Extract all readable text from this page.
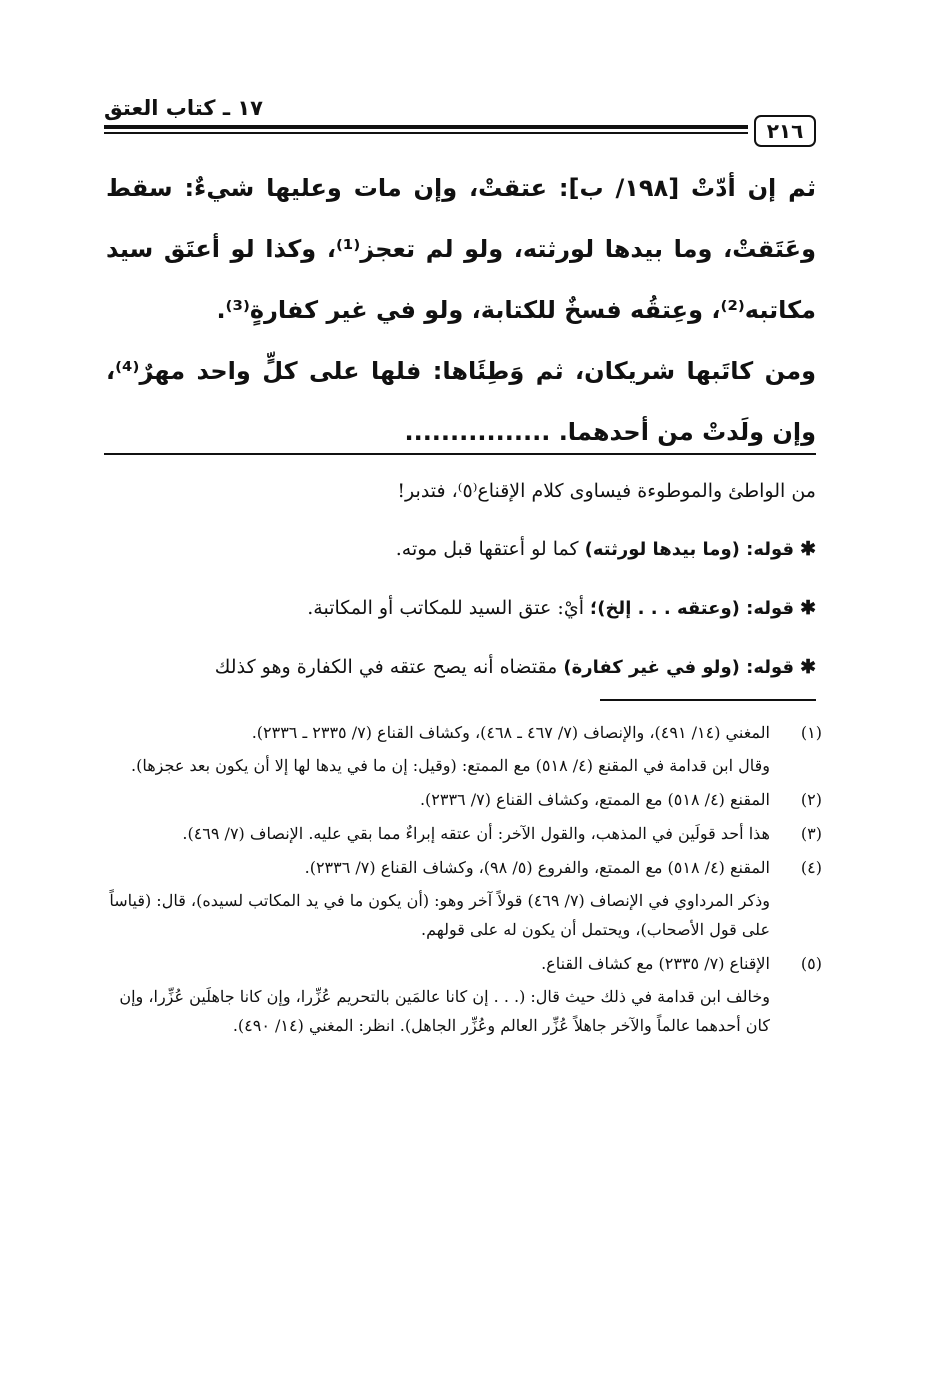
١٧ ـ كتاب العتق
٢١٦

ثم إن أدّتْ [١٩٨/ ب]: عتقتْ، وإن مات وعليها شيءٌ: سقط وعَتَقتْ، وما بيدها لورثته، ولو لم تعجز⁽¹⁾، وكذا لو أعتَق سيد مكاتبه⁽²⁾، وعِتقُه فسخٌ للكتابة، ولو في غير كفارةٍ⁽³⁾.

ومن كاتَبها شريكان، ثم وَطِئَاها: فلها على كلٍّ واحد مهرٌ⁽⁴⁾، وإن ولَدتْ من أحدهما. ................

من الواطئ والموطوءة فيساوى كلام الإقناع⁽٥⁾، فتدبر!

✱قوله: (وما بيدها لورثته) كما لو أعتقها قبل موته.

✱قوله: (وعتقه . . . إلخ)؛ أيْ: عتق السيد للمكاتب أو المكاتبة.

✱قوله: (ولو في غير كفارة) مقتضاه أنه يصح عتقه في الكفارة وهو كذلك

(١)
المغني (١٤/ ٤٩١)، والإنصاف (٧/ ٤٦٧ ـ ٤٦٨)، وكشاف القناع (٧/ ٢٣٣٥ ـ ٢٣٣٦).
وقال ابن قدامة في المقنع (٤/ ٥١٨) مع الممتع: (وقيل: إن ما في يدها لها إلا أن يكون بعد عجزها).
(٢)
المقنع (٤/ ٥١٨) مع الممتع، وكشاف القناع (٧/ ٢٣٣٦).
(٣)
هذا أحد قولَين في المذهب، والقول الآخر: أن عتقه إبراءٌ مما بقي عليه. الإنصاف (٧/ ٤٦٩).
(٤)
المقنع (٤/ ٥١٨) مع الممتع، والفروع (٥/ ٩٨)، وكشاف القناع (٧/ ٢٣٣٦).
وذكر المرداوي في الإنصاف (٧/ ٤٦٩) قولاً آخر وهو: (أن يكون ما في يد المكاتب لسيده)، قال: (قياساً على قول الأصحاب)، ويحتمل أن يكون له على قولهم.
(٥)
الإقناع (٧/ ٢٣٣٥) مع كشاف القناع.
وخالف ابن قدامة في ذلك حيث قال: (. . . إن كانا عالمَين بالتحريم عُزِّرا، وإن كانا جاهلَين عُزِّرا، وإن كان أحدهما عالماً والآخر جاهلاً عُزِّر العالم وعُزِّر الجاهل). انظر: المغني (١٤/ ٤٩٠).
